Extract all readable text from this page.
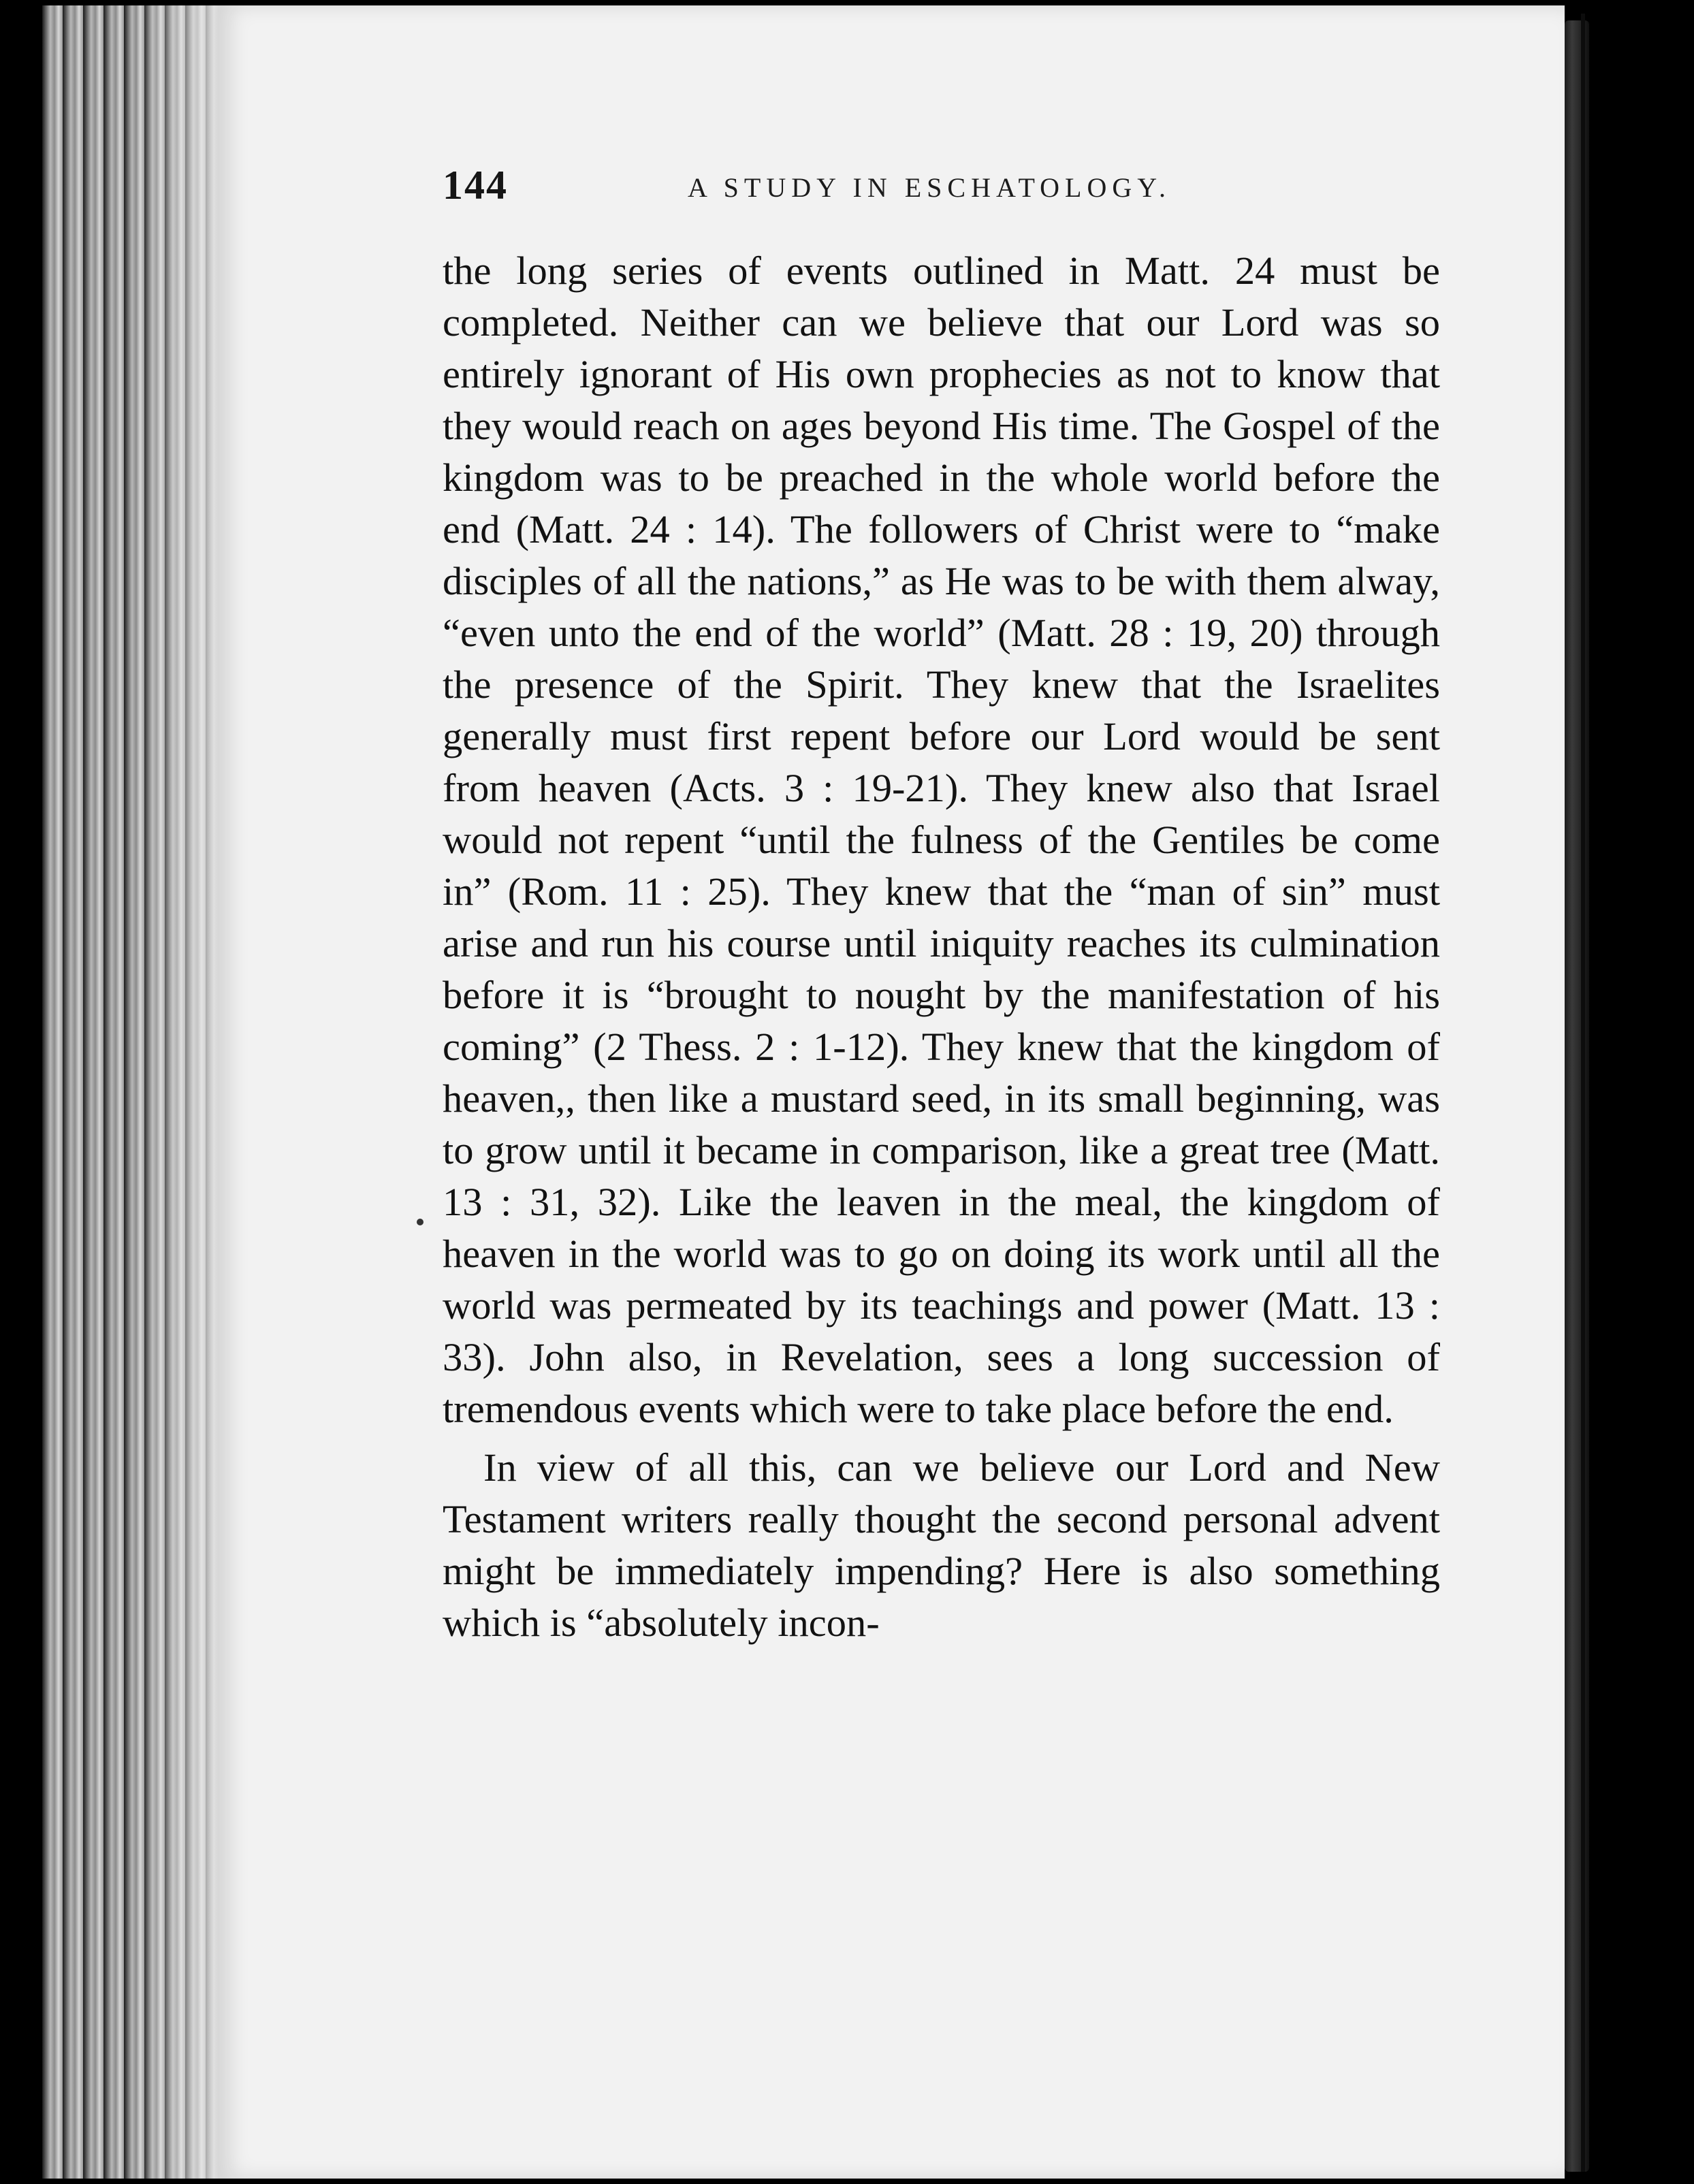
144	A STUDY IN ESCHATOLOGY.

the long series of events outlined in Matt. 24 must be completed. Neither can we believe that our Lord was so entirely ignorant of His own prophecies as not to know that they would reach on ages beyond His time. The Gospel of the kingdom was to be preached in the whole world before the end (Matt. 24 : 14). The followers of Christ were to “make disciples of all the nations,” as He was to be with them alway, “even unto the end of the world” (Matt. 28 : 19, 20) through the presence of the Spirit. They knew that the Israelites generally must first repent before our Lord would be sent from heaven (Acts. 3 : 19-21). They knew also that Israel would not repent “until the fulness of the Gentiles be come in” (Rom. 11 : 25). They knew that the “man of sin” must arise and run his course until iniquity reaches its culmination before it is “brought to nought by the manifestation of his coming” (2 Thess. 2 : 1-12). They knew that the kingdom of heaven,, then like a mustard seed, in its small beginning, was to grow until it became in comparison, like a great tree (Matt. 13 : 31, 32). Like the leaven in the meal, the kingdom of heaven in the world was to go on doing its work until all the world was permeated by its teachings and power (Matt. 13 : 33). John also, in Revelation, sees a long succession of tremendous events which were to take place before the end.

In view of all this, can we believe our Lord and New Testament writers really thought the second personal advent might be immediately impending? Here is also something which is “absolutely incon-
